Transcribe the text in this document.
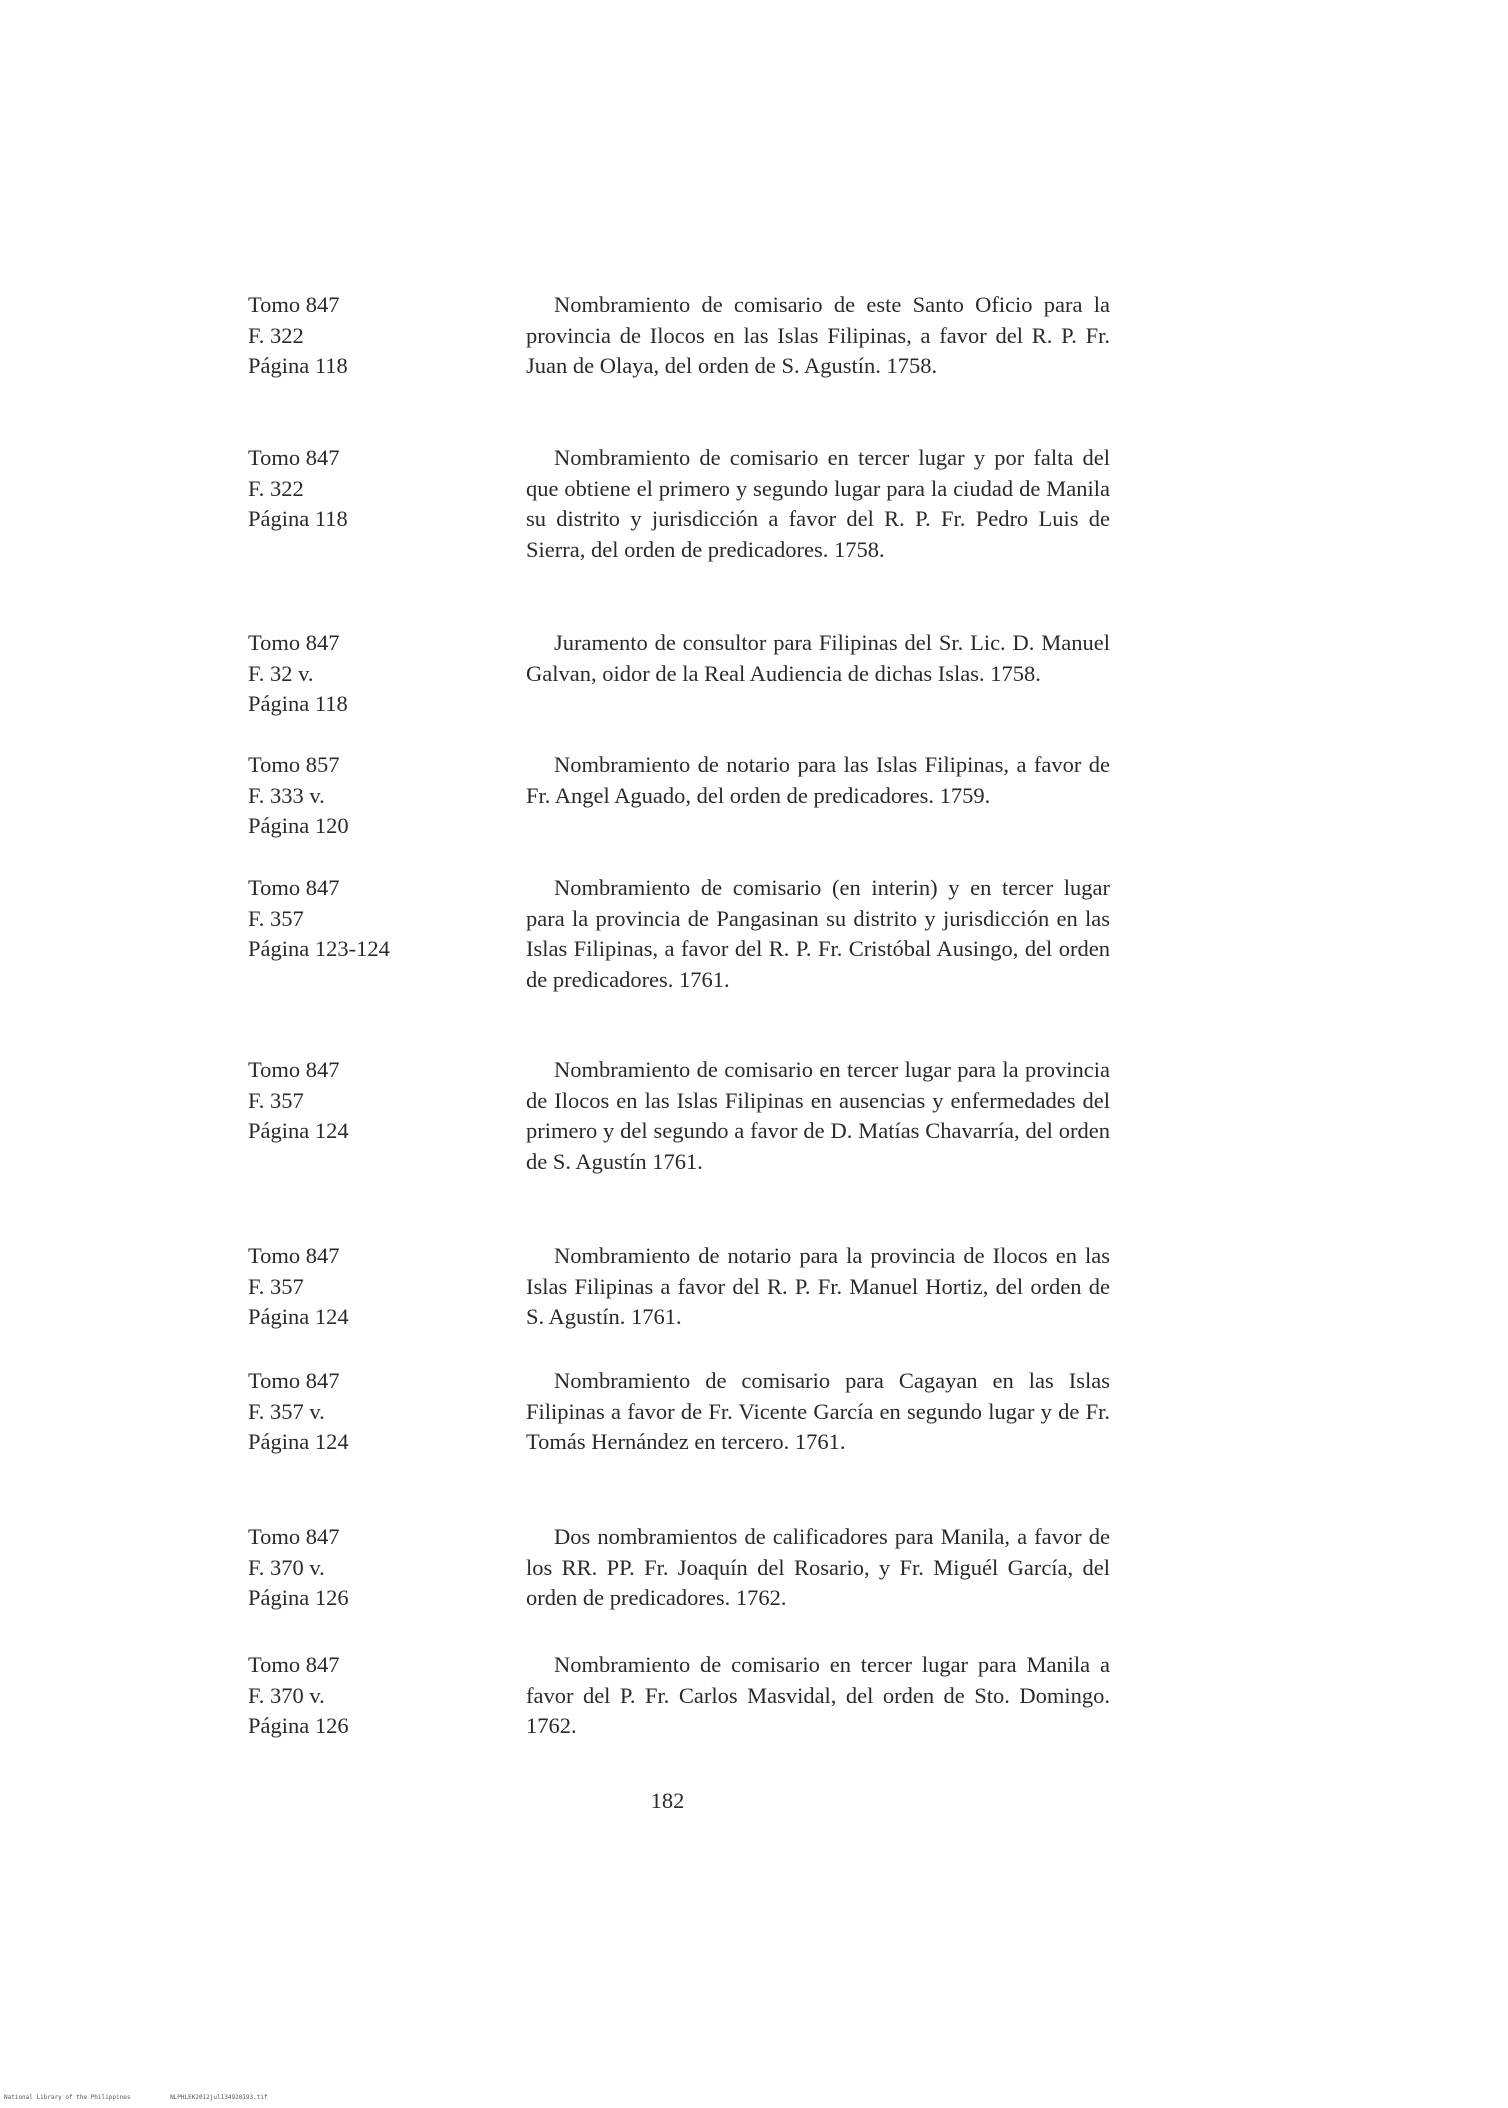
Tomo 847
F. 322
Página 118
Nombramiento de comisario de este Santo Oficio para la provincia de Ilocos en las Islas Filipinas, a favor del R. P. Fr. Juan de Olaya, del orden de S. Agustín. 1758.
Tomo 847
F. 322
Página 118
Nombramiento de comisario en tercer lugar y por falta del que obtiene el primero y segundo lugar para la ciudad de Manila su distrito y jurisdicción a favor del R. P. Fr. Pedro Luis de Sierra, del orden de predicadores. 1758.
Tomo 847
F. 32 v.
Página 118
Juramento de consultor para Filipinas del Sr. Lic. D. Manuel Galvan, oidor de la Real Audiencia de dichas Islas. 1758.
Tomo 857
F. 333 v.
Página 120
Nombramiento de notario para las Islas Filipinas, a favor de Fr. Angel Aguado, del orden de predicadores. 1759.
Tomo 847
F. 357
Página 123-124
Nombramiento de comisario (en interin) y en tercer lugar para la provincia de Pangasinan su distrito y jurisdicción en las Islas Filipinas, a favor del R. P. Fr. Cristóbal Ausingo, del orden de predicadores. 1761.
Tomo 847
F. 357
Página 124
Nombramiento de comisario en tercer lugar para la provincia de Ilocos en las Islas Filipinas en ausencias y enfermedades del primero y del segundo a favor de D. Matías Chavarría, del orden de S. Agustín 1761.
Tomo 847
F. 357
Página 124
Nombramiento de notario para la provincia de Ilocos en las Islas Filipinas a favor del R. P. Fr. Manuel Hortiz, del orden de S. Agustín. 1761.
Tomo 847
F. 357 v.
Página 124
Nombramiento de comisario para Cagayan en las Islas Filipinas a favor de Fr. Vicente García en segundo lugar y de Fr. Tomás Hernández en tercero. 1761.
Tomo 847
F. 370 v.
Página 126
Dos nombramientos de calificadores para Manila, a favor de los RR. PP. Fr. Joaquín del Rosario, y Fr. Miguél García, del orden de predicadores. 1762.
Tomo 847
F. 370 v.
Página 126
Nombramiento de comisario en tercer lugar para Manila a favor del P. Fr. Carlos Masvidal, del orden de Sto. Domingo. 1762.
182
National Library of the Philippines	NLPHLEK2012jul134920193.tif
